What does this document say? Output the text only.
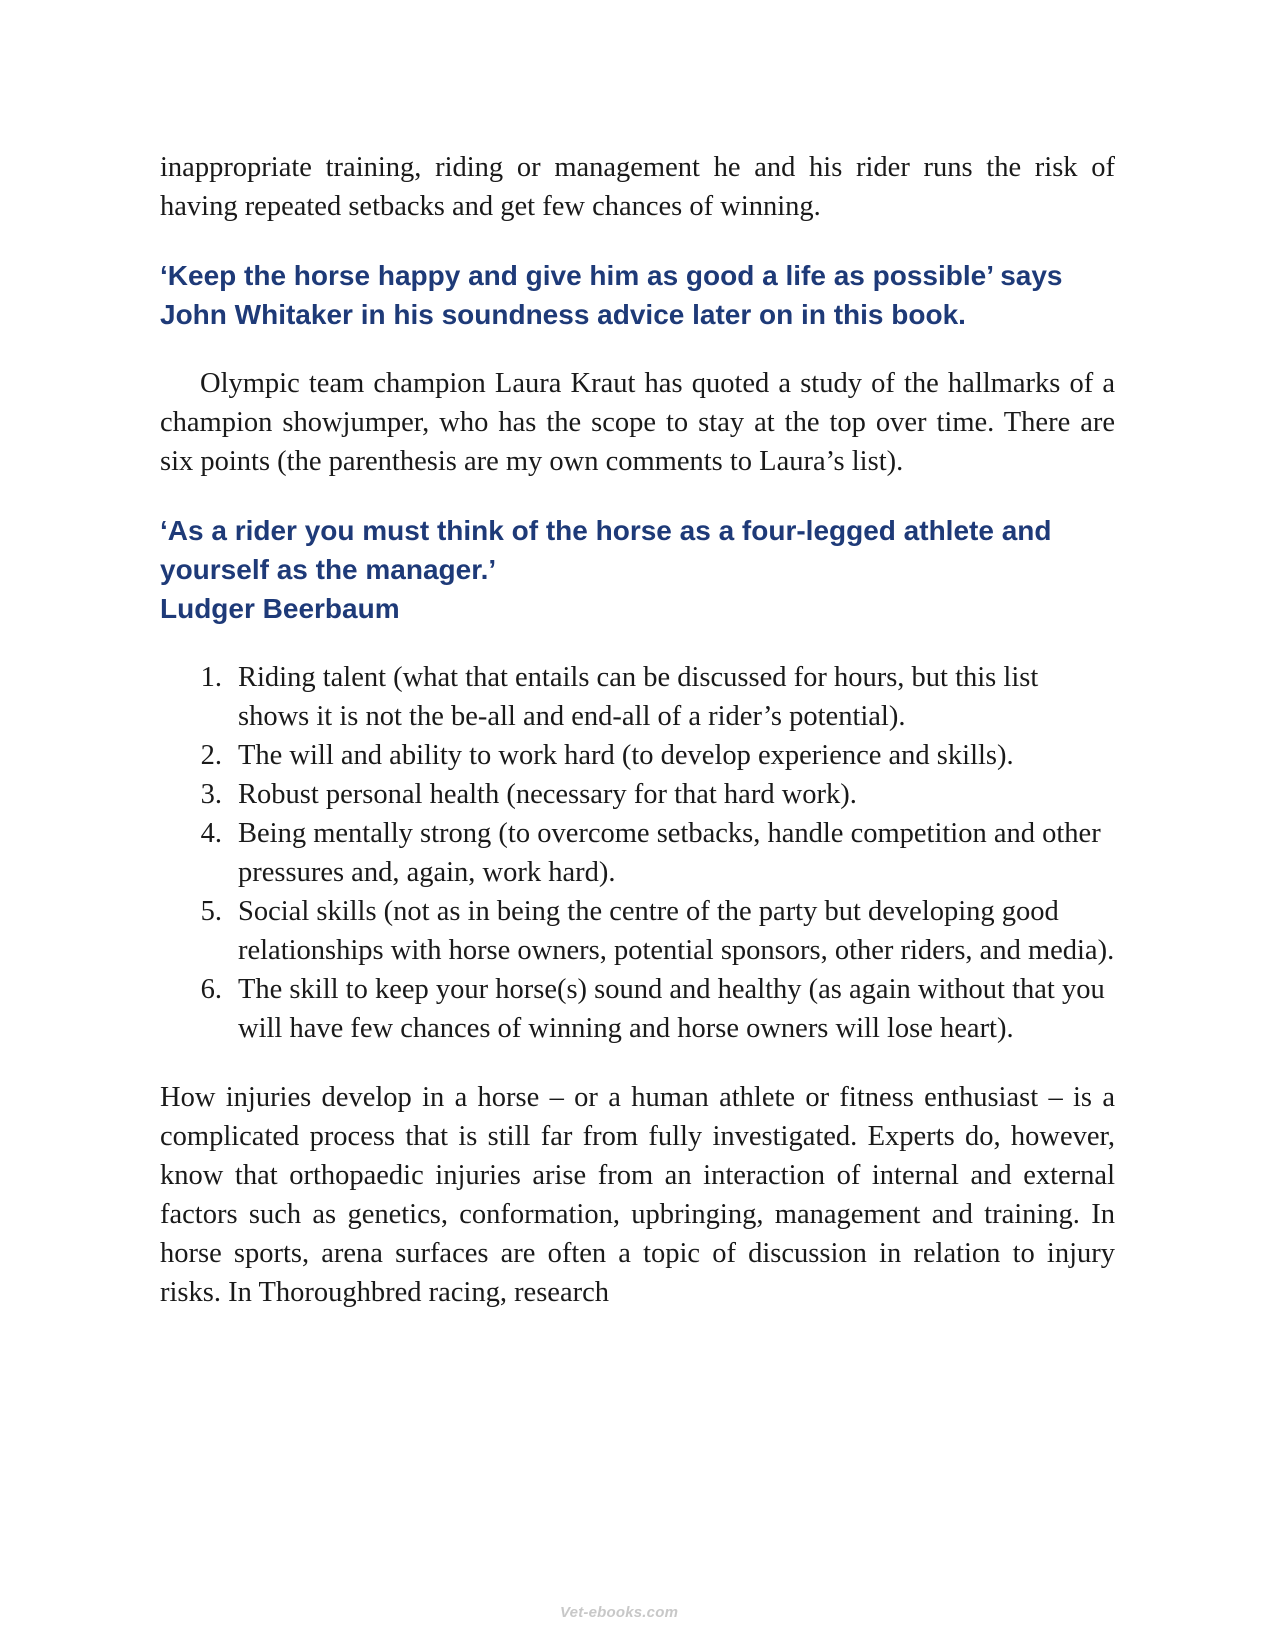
inappropriate training, riding or management he and his rider runs the risk of having repeated setbacks and get few chances of winning.

‘Keep the horse happy and give him as good a life as possible’ says John Whitaker in his soundness advice later on in this book.

Olympic team champion Laura Kraut has quoted a study of the hallmarks of a champion showjumper, who has the scope to stay at the top over time. There are six points (the parenthesis are my own comments to Laura’s list).

‘As a rider you must think of the horse as a four-legged athlete and yourself as the manager.’
Ludger Beerbaum

1. Riding talent (what that entails can be discussed for hours, but this list shows it is not the be-all and end-all of a rider’s potential).
2. The will and ability to work hard (to develop experience and skills).
3. Robust personal health (necessary for that hard work).
4. Being mentally strong (to overcome setbacks, handle competition and other pressures and, again, work hard).
5. Social skills (not as in being the centre of the party but developing good relationships with horse owners, potential sponsors, other riders, and media).
6. The skill to keep your horse(s) sound and healthy (as again without that you will have few chances of winning and horse owners will lose heart).

How injuries develop in a horse – or a human athlete or fitness enthusiast – is a complicated process that is still far from fully investigated. Experts do, however, know that orthopaedic injuries arise from an interaction of internal and external factors such as genetics, conformation, upbringing, management and training. In horse sports, arena surfaces are often a topic of discussion in relation to injury risks. In Thoroughbred racing, research

Vet-ebooks.com
